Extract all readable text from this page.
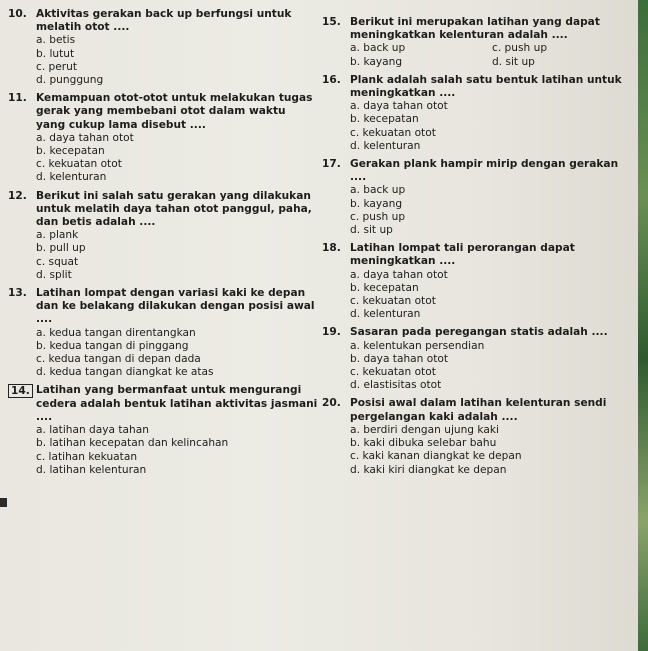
10. Aktivitas gerakan back up berfungsi untuk melatih otot ....
a. betis
b. lutut
c. perut
d. punggung
11. Kemampuan otot-otot untuk melakukan tugas gerak yang membebani otot dalam waktu yang cukup lama disebut ....
a. daya tahan otot
b. kecepatan
c. kekuatan otot
d. kelenturan
12. Berikut ini salah satu gerakan yang dilakukan untuk melatih daya tahan otot panggul, paha, dan betis adalah ....
a. plank
b. pull up
c. squat
d. split
13. Latihan lompat dengan variasi kaki ke depan dan ke belakang dilakukan dengan posisi awal ....
a. kedua tangan direntangkan
b. kedua tangan di pinggang
c. kedua tangan di depan dada
d. kedua tangan diangkat ke atas
14. Latihan yang bermanfaat untuk mengurangi cedera adalah bentuk latihan aktivitas jasmani ....
a. latihan daya tahan
b. latihan kecepatan dan kelincahan
c. latihan kekuatan
d. latihan kelenturan
15. Berikut ini merupakan latihan yang dapat meningkatkan kelenturan adalah ....
a. back up	c. push up
b. kayang	d. sit up
16. Plank adalah salah satu bentuk latihan untuk meningkatkan ....
a. daya tahan otot
b. kecepatan
c. kekuatan otot
d. kelenturan
17. Gerakan plank hampir mirip dengan gerakan ....
a. back up
b. kayang
c. push up
d. sit up
18. Latihan lompat tali perorangan dapat meningkatkan ....
a. daya tahan otot
b. kecepatan
c. kekuatan otot
d. kelenturan
19. Sasaran pada peregangan statis adalah ....
a. kelentukan persendian
b. daya tahan otot
c. kekuatan otot
d. elastisitas otot
20. Posisi awal dalam latihan kelenturan sendi pergelangan kaki adalah ....
a. berdiri dengan ujung kaki
b. kaki dibuka selebar bahu
c. kaki kanan diangkat ke depan
d. kaki kiri diangkat ke depan
